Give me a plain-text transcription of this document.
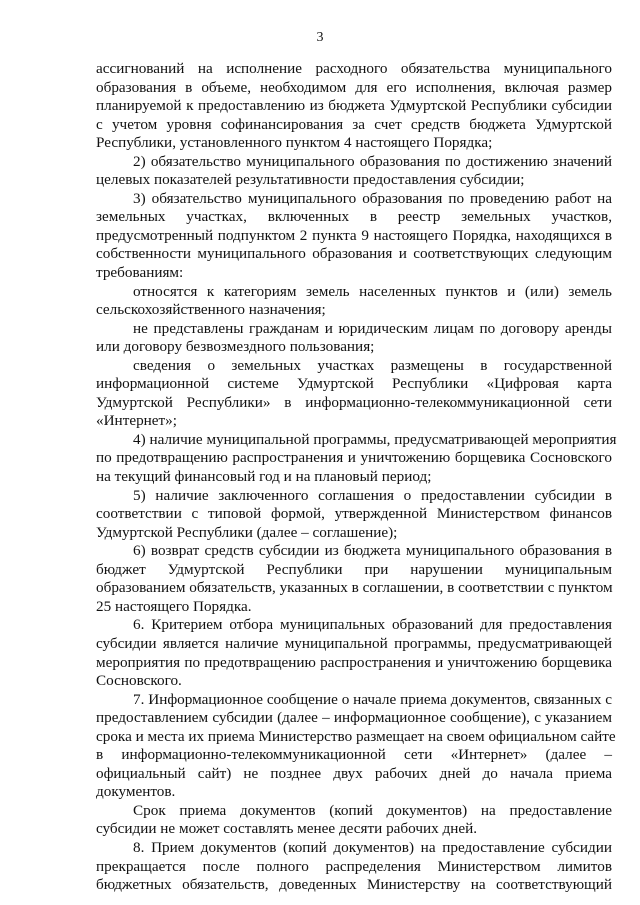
3
ассигнований на исполнение расходного обязательства муниципального
образования в объеме, необходимом для его исполнения, включая размер
планируемой к предоставлению из бюджета Удмуртской Республики субсидии
с учетом уровня софинансирования за счет средств бюджета Удмуртской
Республики, установленного пунктом 4 настоящего Порядка;
2) обязательство муниципального образования по достижению значений
целевых показателей результативности предоставления субсидии;
3) обязательство муниципального образования по проведению работ на
земельных участках, включенных в реестр земельных участков,
предусмотренный подпунктом 2 пункта 9 настоящего Порядка, находящихся в
собственности муниципального образования и соответствующих следующим
требованиям:
относятся к категориям земель населенных пунктов и (или) земель
сельскохозяйственного назначения;
не представлены гражданам и юридическим лицам по договору аренды
или договору безвозмездного пользования;
сведения о земельных участках размещены в государственной
информационной системе Удмуртской Республики «Цифровая карта
Удмуртской Республики» в информационно-телекоммуникационной сети
«Интернет»;
4) наличие муниципальной программы, предусматривающей мероприятия
по предотвращению распространения и уничтожению борщевика Сосновского
на текущий финансовый год и на плановый период;
5) наличие заключенного соглашения о предоставлении субсидии в
соответствии с типовой формой, утвержденной Министерством финансов
Удмуртской Республики (далее – соглашение);
6) возврат средств субсидии из бюджета муниципального образования в
бюджет Удмуртской Республики при нарушении муниципальным
образованием обязательств, указанных в соглашении, в соответствии с пунктом
25 настоящего Порядка.
6. Критерием отбора муниципальных образований для предоставления
субсидии является наличие муниципальной программы, предусматривающей
мероприятия по предотвращению распространения и уничтожению борщевика
Сосновского.
7. Информационное сообщение о начале приема документов, связанных с
предоставлением субсидии (далее – информационное сообщение), с указанием
срока и места их приема Министерство размещает на своем официальном сайте
в информационно-телекоммуникационной сети «Интернет» (далее –
официальный сайт) не позднее двух рабочих дней до начала приема
документов.
Срок приема документов (копий документов) на предоставление
субсидии не может составлять менее десяти рабочих дней.
8. Прием документов (копий документов) на предоставление субсидии
прекращается после полного распределения Министерством лимитов
бюджетных обязательств, доведенных Министерству на соответствующий
